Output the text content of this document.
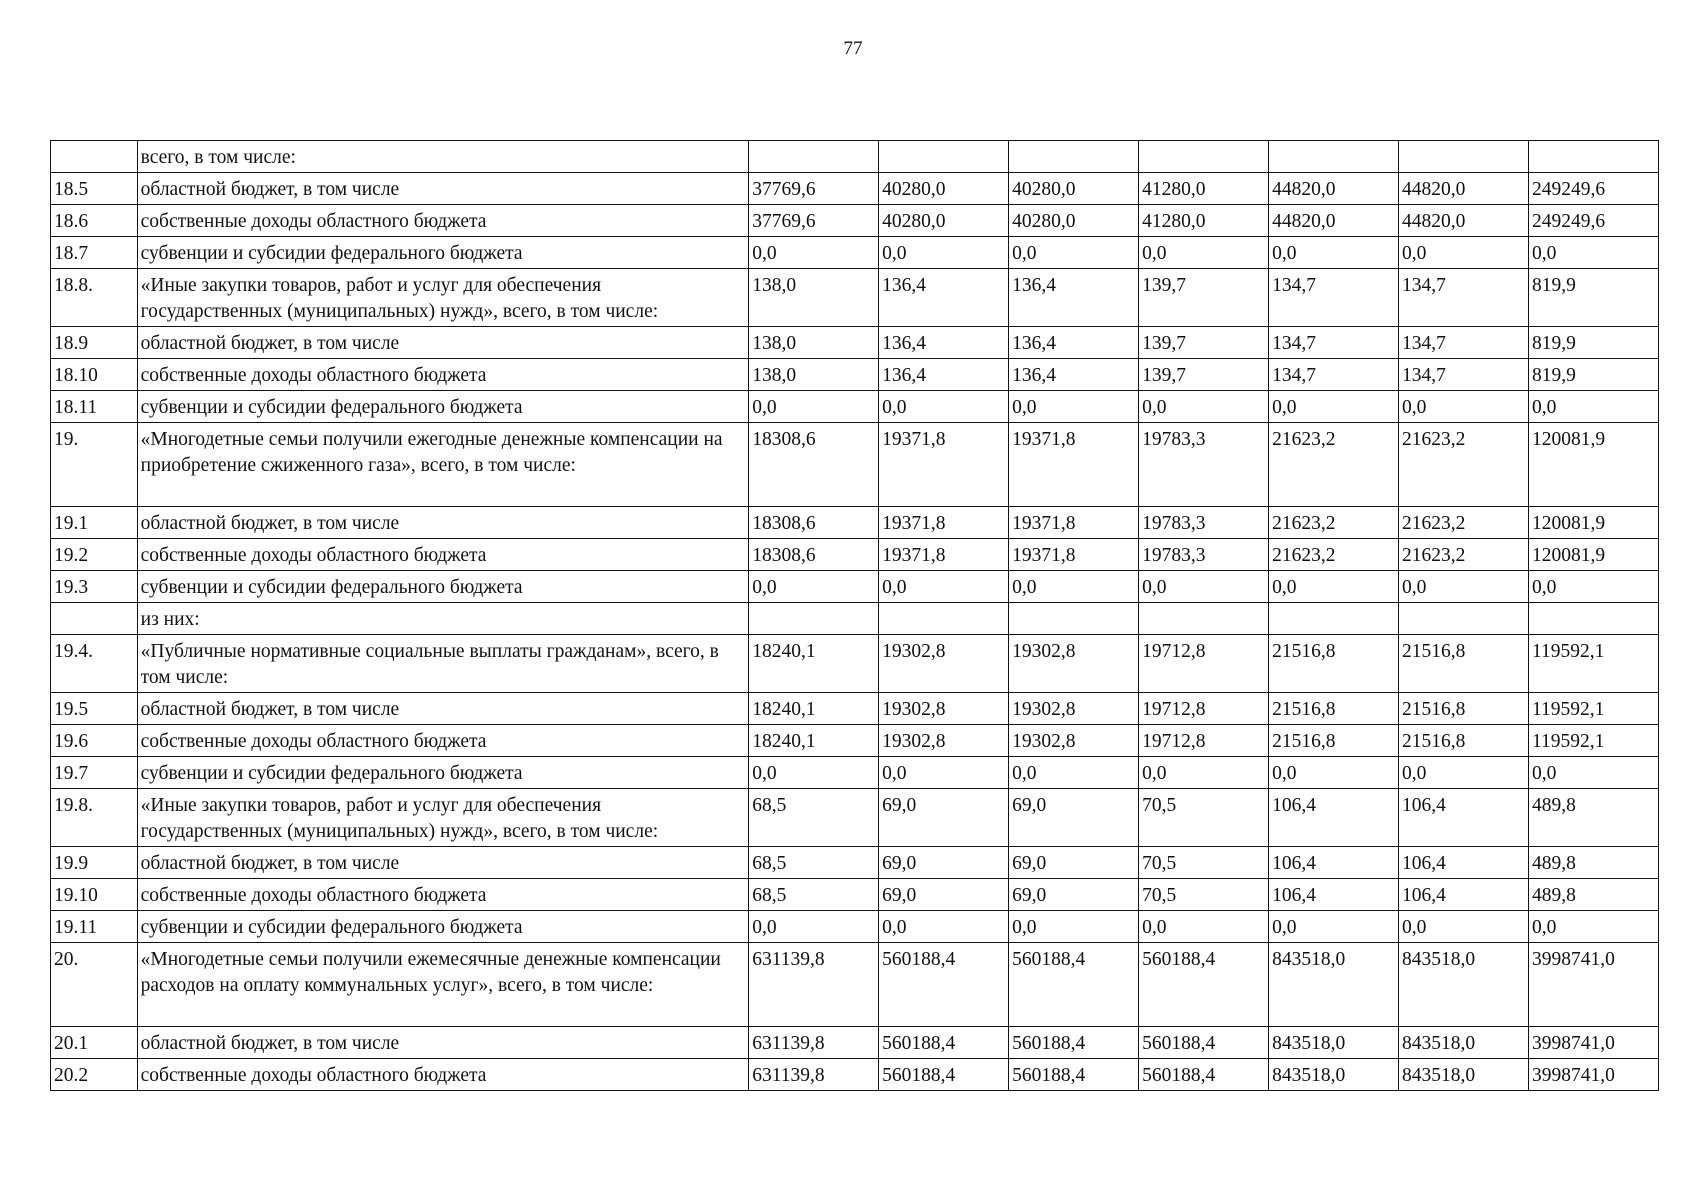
77
	всего, в том числе:							
18.5	областной бюджет, в том числе	37769,6	40280,0	40280,0	41280,0	44820,0	44820,0	249249,6
18.6	собственные доходы областного бюджета	37769,6	40280,0	40280,0	41280,0	44820,0	44820,0	249249,6
18.7	субвенции и субсидии федерального бюджета	0,0	0,0	0,0	0,0	0,0	0,0	0,0
18.8.	«Иные закупки товаров, работ и услуг для обеспечения государственных (муниципальных) нужд», всего, в том числе:	138,0	136,4	136,4	139,7	134,7	134,7	819,9
18.9	областной бюджет, в том числе	138,0	136,4	136,4	139,7	134,7	134,7	819,9
18.10	собственные доходы областного бюджета	138,0	136,4	136,4	139,7	134,7	134,7	819,9
18.11	субвенции и субсидии федерального бюджета	0,0	0,0	0,0	0,0	0,0	0,0	0,0
19.	«Многодетные семьи получили ежегодные денежные компенсации на приобретение сжиженного газа», всего, в том числе:	18308,6	19371,8	19371,8	19783,3	21623,2	21623,2	120081,9
19.1	областной бюджет, в том числе	18308,6	19371,8	19371,8	19783,3	21623,2	21623,2	120081,9
19.2	собственные доходы областного бюджета	18308,6	19371,8	19371,8	19783,3	21623,2	21623,2	120081,9
19.3	субвенции и субсидии федерального бюджета	0,0	0,0	0,0	0,0	0,0	0,0	0,0
	из них:							
19.4.	«Публичные нормативные социальные выплаты гражданам», всего, в том числе:	18240,1	19302,8	19302,8	19712,8	21516,8	21516,8	119592,1
19.5	областной бюджет, в том числе	18240,1	19302,8	19302,8	19712,8	21516,8	21516,8	119592,1
19.6	собственные доходы областного бюджета	18240,1	19302,8	19302,8	19712,8	21516,8	21516,8	119592,1
19.7	субвенции и субсидии федерального бюджета	0,0	0,0	0,0	0,0	0,0	0,0	0,0
19.8.	«Иные закупки товаров, работ и услуг для обеспечения государственных (муниципальных) нужд», всего, в том числе:	68,5	69,0	69,0	70,5	106,4	106,4	489,8
19.9	областной бюджет, в том числе	68,5	69,0	69,0	70,5	106,4	106,4	489,8
19.10	собственные доходы областного бюджета	68,5	69,0	69,0	70,5	106,4	106,4	489,8
19.11	субвенции и субсидии федерального бюджета	0,0	0,0	0,0	0,0	0,0	0,0	0,0
20.	«Многодетные семьи получили ежемесячные денежные компенсации расходов на оплату коммунальных услуг», всего, в том числе:	631139,8	560188,4	560188,4	560188,4	843518,0	843518,0	3998741,0
20.1	областной бюджет, в том числе	631139,8	560188,4	560188,4	560188,4	843518,0	843518,0	3998741,0
20.2	собственные доходы областного бюджета	631139,8	560188,4	560188,4	560188,4	843518,0	843518,0	3998741,0
